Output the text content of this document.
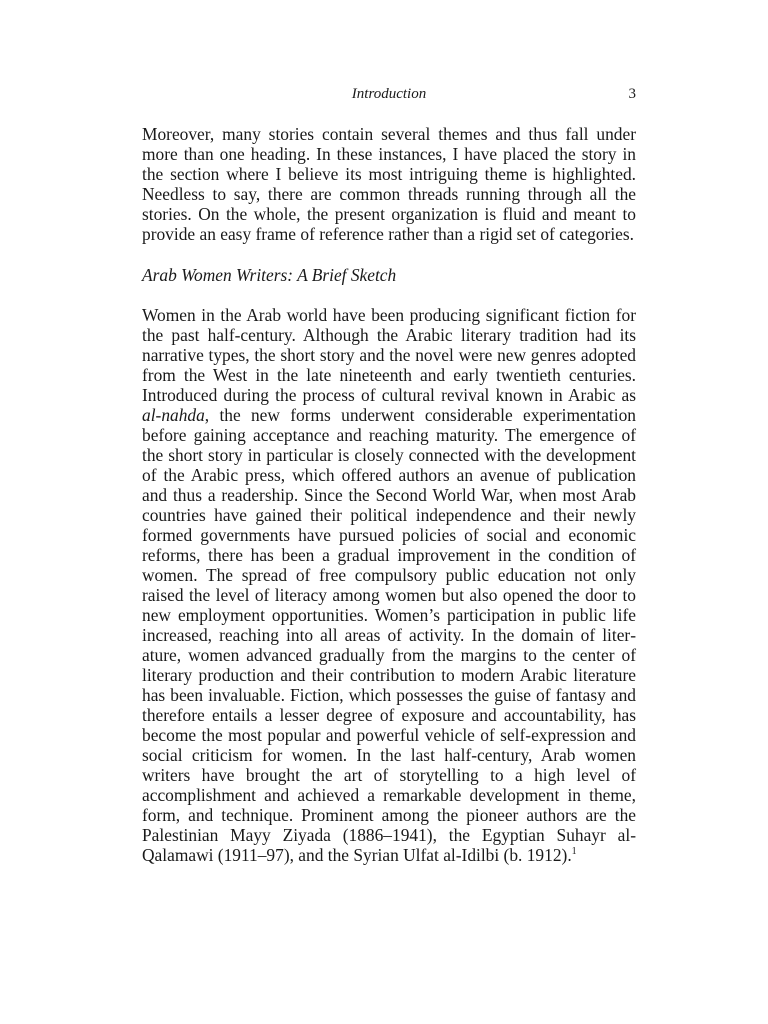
Introduction	3

Moreover, many stories contain several themes and thus fall under more than one heading. In these instances, I have placed the story in the section where I believe its most intriguing theme is highlighted. Needless to say, there are common threads running through all the stories. On the whole, the present organization is fluid and meant to provide an easy frame of reference rather than a rigid set of categories.

Arab Women Writers: A Brief Sketch

Women in the Arab world have been producing significant fiction for the past half-century. Although the Arabic literary tradition had its narrative types, the short story and the novel were new genres adopted from the West in the late nineteenth and early twentieth centuries. Introduced during the process of cultural revival known in Arabic as al-nahda, the new forms underwent considerable experimentation before gaining acceptance and reaching maturity. The emergence of the short story in particular is closely connected with the development of the Arabic press, which offered authors an avenue of publication and thus a readership. Since the Second World War, when most Arab countries have gained their political independence and their newly formed governments have pursued policies of social and economic reforms, there has been a gradual improvement in the condition of women. The spread of free compulsory public education not only raised the level of literacy among women but also opened the door to new employment opportunities. Women’s participation in public life increased, reaching into all areas of activity. In the domain of literature, women advanced gradually from the margins to the center of literary production and their contribution to modern Arabic literature has been invaluable. Fiction, which possesses the guise of fantasy and therefore entails a lesser degree of exposure and accountability, has become the most popular and powerful vehicle of self-expression and social criticism for women. In the last half-century, Arab women writers have brought the art of storytelling to a high level of accomplishment and achieved a remarkable development in theme, form, and technique. Prominent among the pioneer authors are the Palestinian Mayy Ziyada (1886–1941), the Egyptian Suhayr al-Qalamawi (1911–97), and the Syrian Ulfat al-Idilbi (b. 1912).$^1$
